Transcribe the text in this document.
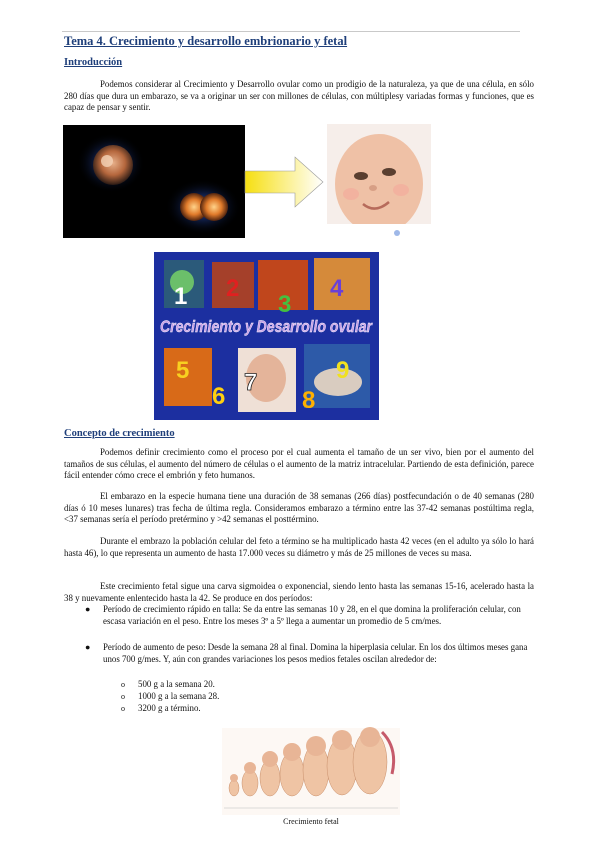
Tema 4. Crecimiento y desarrollo embrionario y fetal
Introducción

Podemos considerar al Crecimiento y Desarrollo ovular como un prodigio de la naturaleza, ya que de una célula, en sólo 280 días que dura un embarazo, se va a originar un ser con millones de células, con múltiplesy variadas formas y funciones, que es capaz de pensar y sentir.

1 2
3
4
5
6
7
8
9
Crecimiento y Desarrollo ovular
Concepto de crecimiento

Podemos definir crecimiento como el proceso por el cual aumenta el tamaño de un ser vivo, bien por el aumento del tamaños de sus células, el aumento del número de células o el aumento de la matriz intracelular. Partiendo de esta definición, parece fácil entender cómo crece el embrión y feto humanos.

El embarazo en la especie humana tiene una duración de 38 semanas (266 días) postfecundación o de 40 semanas (280 días ó 10 meses lunares) tras fecha de última regla. Consideramos embarazo a término entre las 37-42 semanas postúltima regla, <37 semanas sería el período pretérmino y >42 semanas el posttérmino.

Durante el embrazo la población celular del feto a término se ha multiplicado hasta 42 veces (en el adulto ya sólo lo hará hasta 46), lo que representa un aumento de hasta 17.000 veces su diámetro y más de 25 millones de veces su masa.

Este crecimiento fetal sigue una carva sigmoidea o exponencial, siendo lento hasta las semanas 15-16, acelerado hasta la 38 y nuevamente enlentecido hasta la 42. Se produce en dos períodos:

● Período de crecimiento rápido en talla: Se da entre las semanas 10 y 28, en el que domina la proliferación celular, con escasa variación en el peso. Entre los meses 3º a 5º llega a aumentar un promedio de 5 cm/mes.
● Período de aumento de peso: Desde la semana 28 al final. Domina la hiperplasia celular. En los dos últimos meses gana unos 700 g/mes. Y, aún con grandes variaciones los pesos medios fetales oscilan alrededor de:
o 500 g a la semana 20.
o 1000 g a la semana 28.
o 3200 g a término.
Crecimiento fetal
